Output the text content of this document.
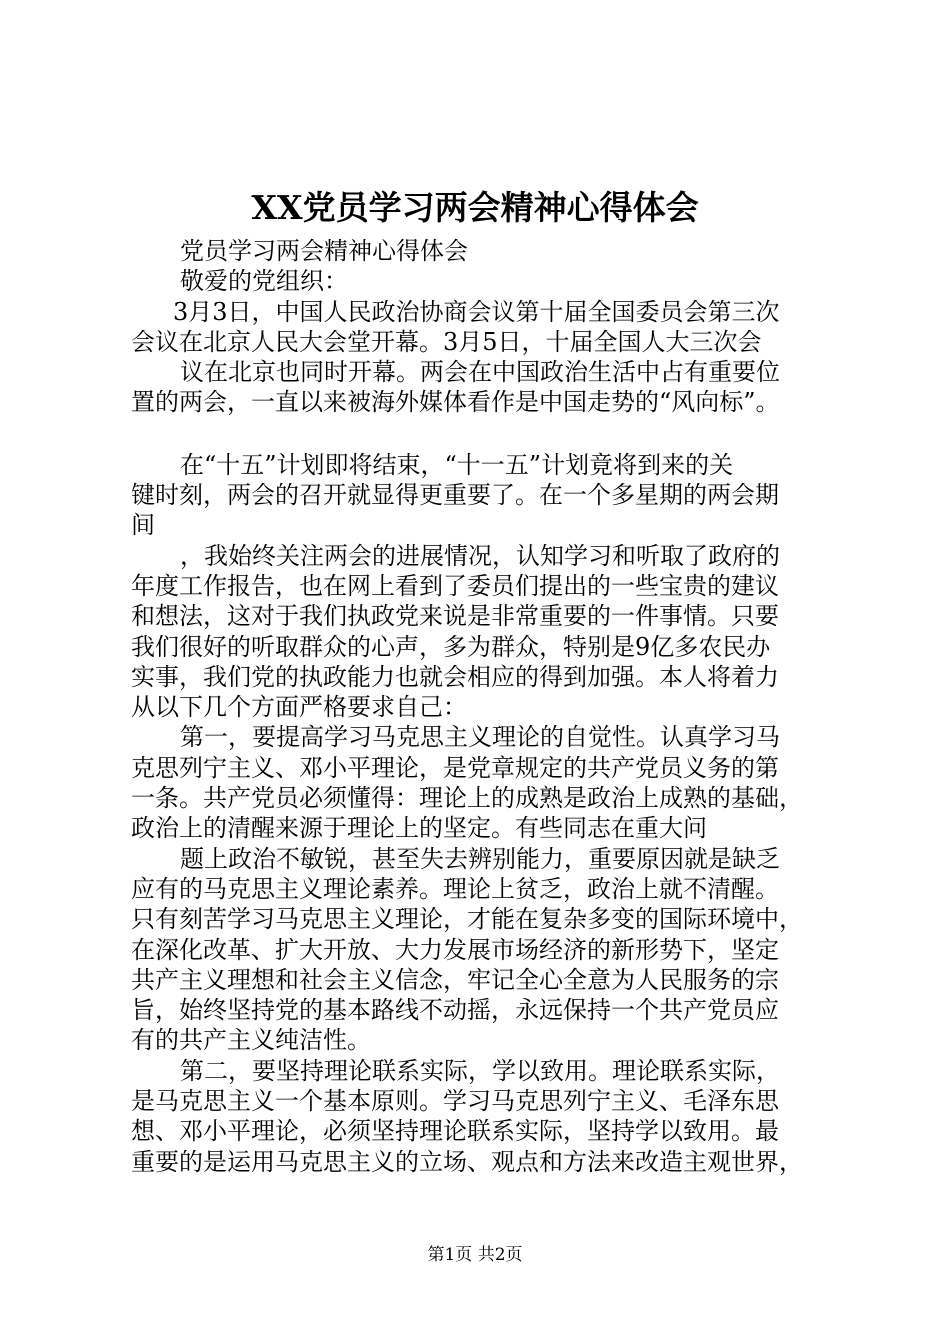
XX党员学习两会精神心得体会
党员学习两会精神心得体会
敬爱的党组织：
3月3日，中国人民政治协商会议第十届全国委员会第三次
会议在北京人民大会堂开幕。3月5日，十届全国人大三次会
议在北京也同时开幕。两会在中国政治生活中占有重要位
置的两会，一直以来被海外媒体看作是中国走势的“风向标”。
在“十五”计划即将结束，“十一五”计划竟将到来的关
键时刻，两会的召开就显得更重要了。在一个多星期的两会期
间
，我始终关注两会的进展情况，认知学习和听取了政府的
年度工作报告，也在网上看到了委员们提出的一些宝贵的建议
和想法，这对于我们执政党来说是非常重要的一件事情。只要
我们很好的听取群众的心声，多为群众，特别是9亿多农民办
实事，我们党的执政能力也就会相应的得到加强。本人将着力
从以下几个方面严格要求自己：
第一，要提高学习马克思主义理论的自觉性。认真学习马
克思列宁主义、邓小平理论，是党章规定的共产党员义务的第
一条。共产党员必须懂得：理论上的成熟是政治上成熟的基础，
政治上的清醒来源于理论上的坚定。有些同志在重大问
题上政治不敏锐，甚至失去辨别能力，重要原因就是缺乏
应有的马克思主义理论素养。理论上贫乏，政治上就不清醒。
只有刻苦学习马克思主义理论，才能在复杂多变的国际环境中，
在深化改革、扩大开放、大力发展市场经济的新形势下，坚定
共产主义理想和社会主义信念，牢记全心全意为人民服务的宗
旨，始终坚持党的基本路线不动摇，永远保持一个共产党员应
有的共产主义纯洁性。
第二，要坚持理论联系实际，学以致用。理论联系实际，
是马克思主义一个基本原则。学习马克思列宁主义、毛泽东思
想、邓小平理论，必须坚持理论联系实际，坚持学以致用。最
重要的是运用马克思主义的立场、观点和方法来改造主观世界，
第1页 共2页
